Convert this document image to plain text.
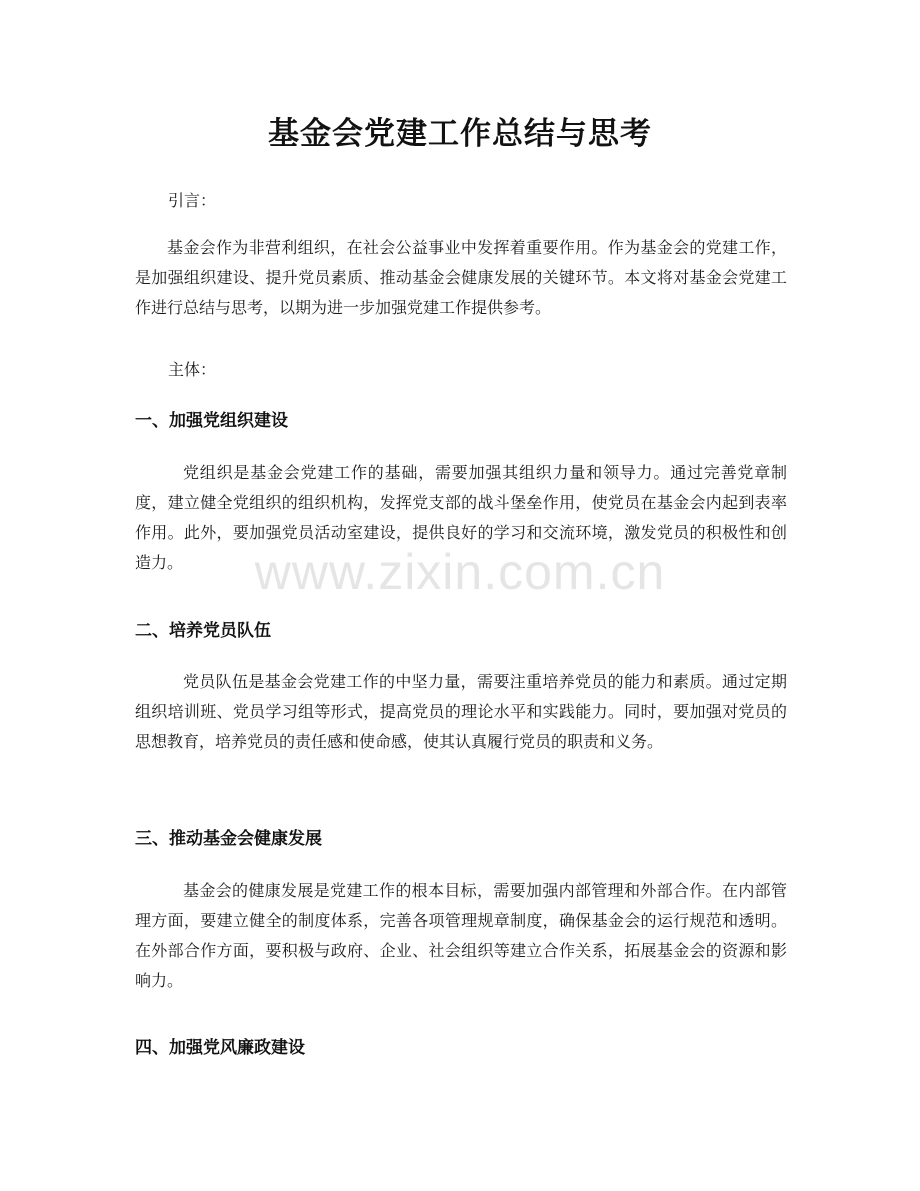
基金会党建工作总结与思考

引言：

基金会作为非营利组织，在社会公益事业中发挥着重要作用。作为基金会的党建工作，是加强组织建设、提升党员素质、推动基金会健康发展的关键环节。本文将对基金会党建工作进行总结与思考，以期为进一步加强党建工作提供参考。

主体：

一、加强党组织建设

党组织是基金会党建工作的基础，需要加强其组织力量和领导力。通过完善党章制度，建立健全党组织的组织机构，发挥党支部的战斗堡垒作用，使党员在基金会内起到表率作用。此外，要加强党员活动室建设，提供良好的学习和交流环境，激发党员的积极性和创造力。

二、培养党员队伍

党员队伍是基金会党建工作的中坚力量，需要注重培养党员的能力和素质。通过定期组织培训班、党员学习组等形式，提高党员的理论水平和实践能力。同时，要加强对党员的思想教育，培养党员的责任感和使命感，使其认真履行党员的职责和义务。

三、推动基金会健康发展

基金会的健康发展是党建工作的根本目标，需要加强内部管理和外部合作。在内部管理方面，要建立健全的制度体系，完善各项管理规章制度，确保基金会的运行规范和透明。在外部合作方面，要积极与政府、企业、社会组织等建立合作关系，拓展基金会的资源和影响力。

四、加强党风廉政建设
www.zixin.com.cn
